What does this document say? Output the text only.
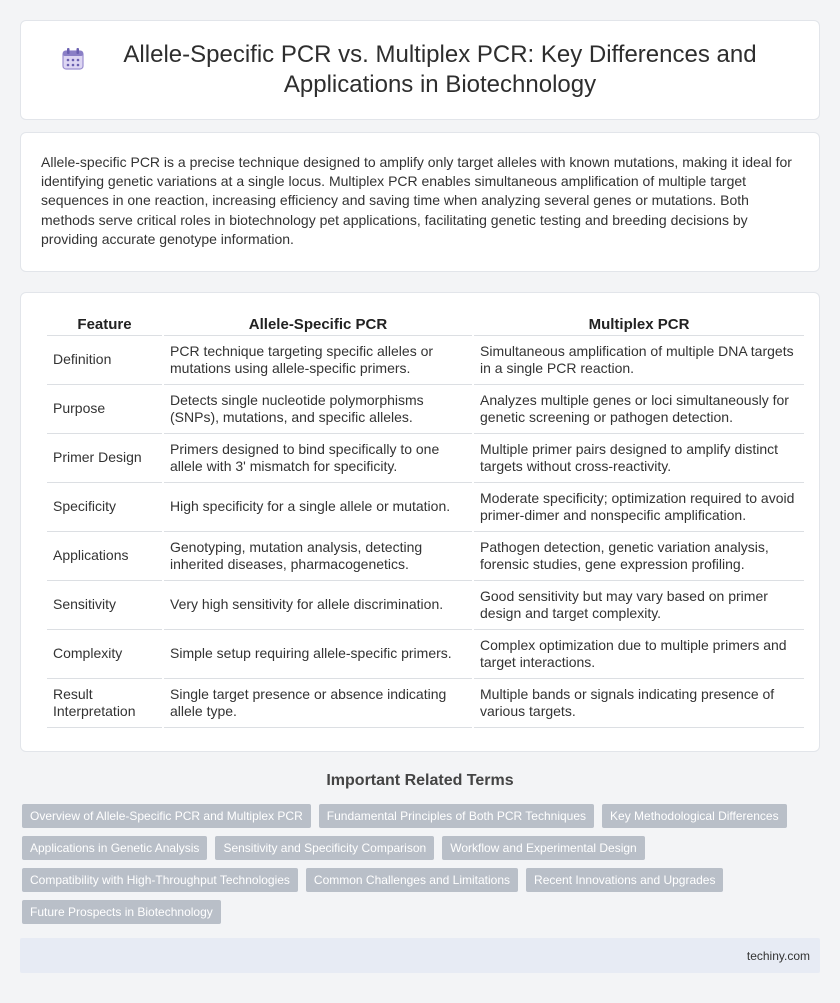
Allele-Specific PCR vs. Multiplex PCR: Key Differences and Applications in Biotechnology

Allele-specific PCR is a precise technique designed to amplify only target alleles with known mutations, making it ideal for identifying genetic variations at a single locus. Multiplex PCR enables simultaneous amplification of multiple target sequences in one reaction, increasing efficiency and saving time when analyzing several genes or mutations. Both methods serve critical roles in biotechnology pet applications, facilitating genetic testing and breeding decisions by providing accurate genotype information.

Feature	Allele-Specific PCR	Multiplex PCR
Definition	PCR technique targeting specific alleles or mutations using allele-specific primers.	Simultaneous amplification of multiple DNA targets in a single PCR reaction.
Purpose	Detects single nucleotide polymorphisms (SNPs), mutations, and specific alleles.	Analyzes multiple genes or loci simultaneously for genetic screening or pathogen detection.
Primer Design	Primers designed to bind specifically to one allele with 3' mismatch for specificity.	Multiple primer pairs designed to amplify distinct targets without cross-reactivity.
Specificity	High specificity for a single allele or mutation.	Moderate specificity; optimization required to avoid primer-dimer and nonspecific amplification.
Applications	Genotyping, mutation analysis, detecting inherited diseases, pharmacogenetics.	Pathogen detection, genetic variation analysis, forensic studies, gene expression profiling.
Sensitivity	Very high sensitivity for allele discrimination.	Good sensitivity but may vary based on primer design and target complexity.
Complexity	Simple setup requiring allele-specific primers.	Complex optimization due to multiple primers and target interactions.
Result Interpretation	Single target presence or absence indicating allele type.	Multiple bands or signals indicating presence of various targets.
Important Related Terms
Overview of Allele-Specific PCR and Multiplex PCR	Fundamental Principles of Both PCR Techniques	Key Methodological Differences
Applications in Genetic Analysis	Sensitivity and Specificity Comparison	Workflow and Experimental Design
Compatibility with High-Throughput Technologies	Common Challenges and Limitations	Recent Innovations and Upgrades
Future Prospects in Biotechnology
techiny.com
